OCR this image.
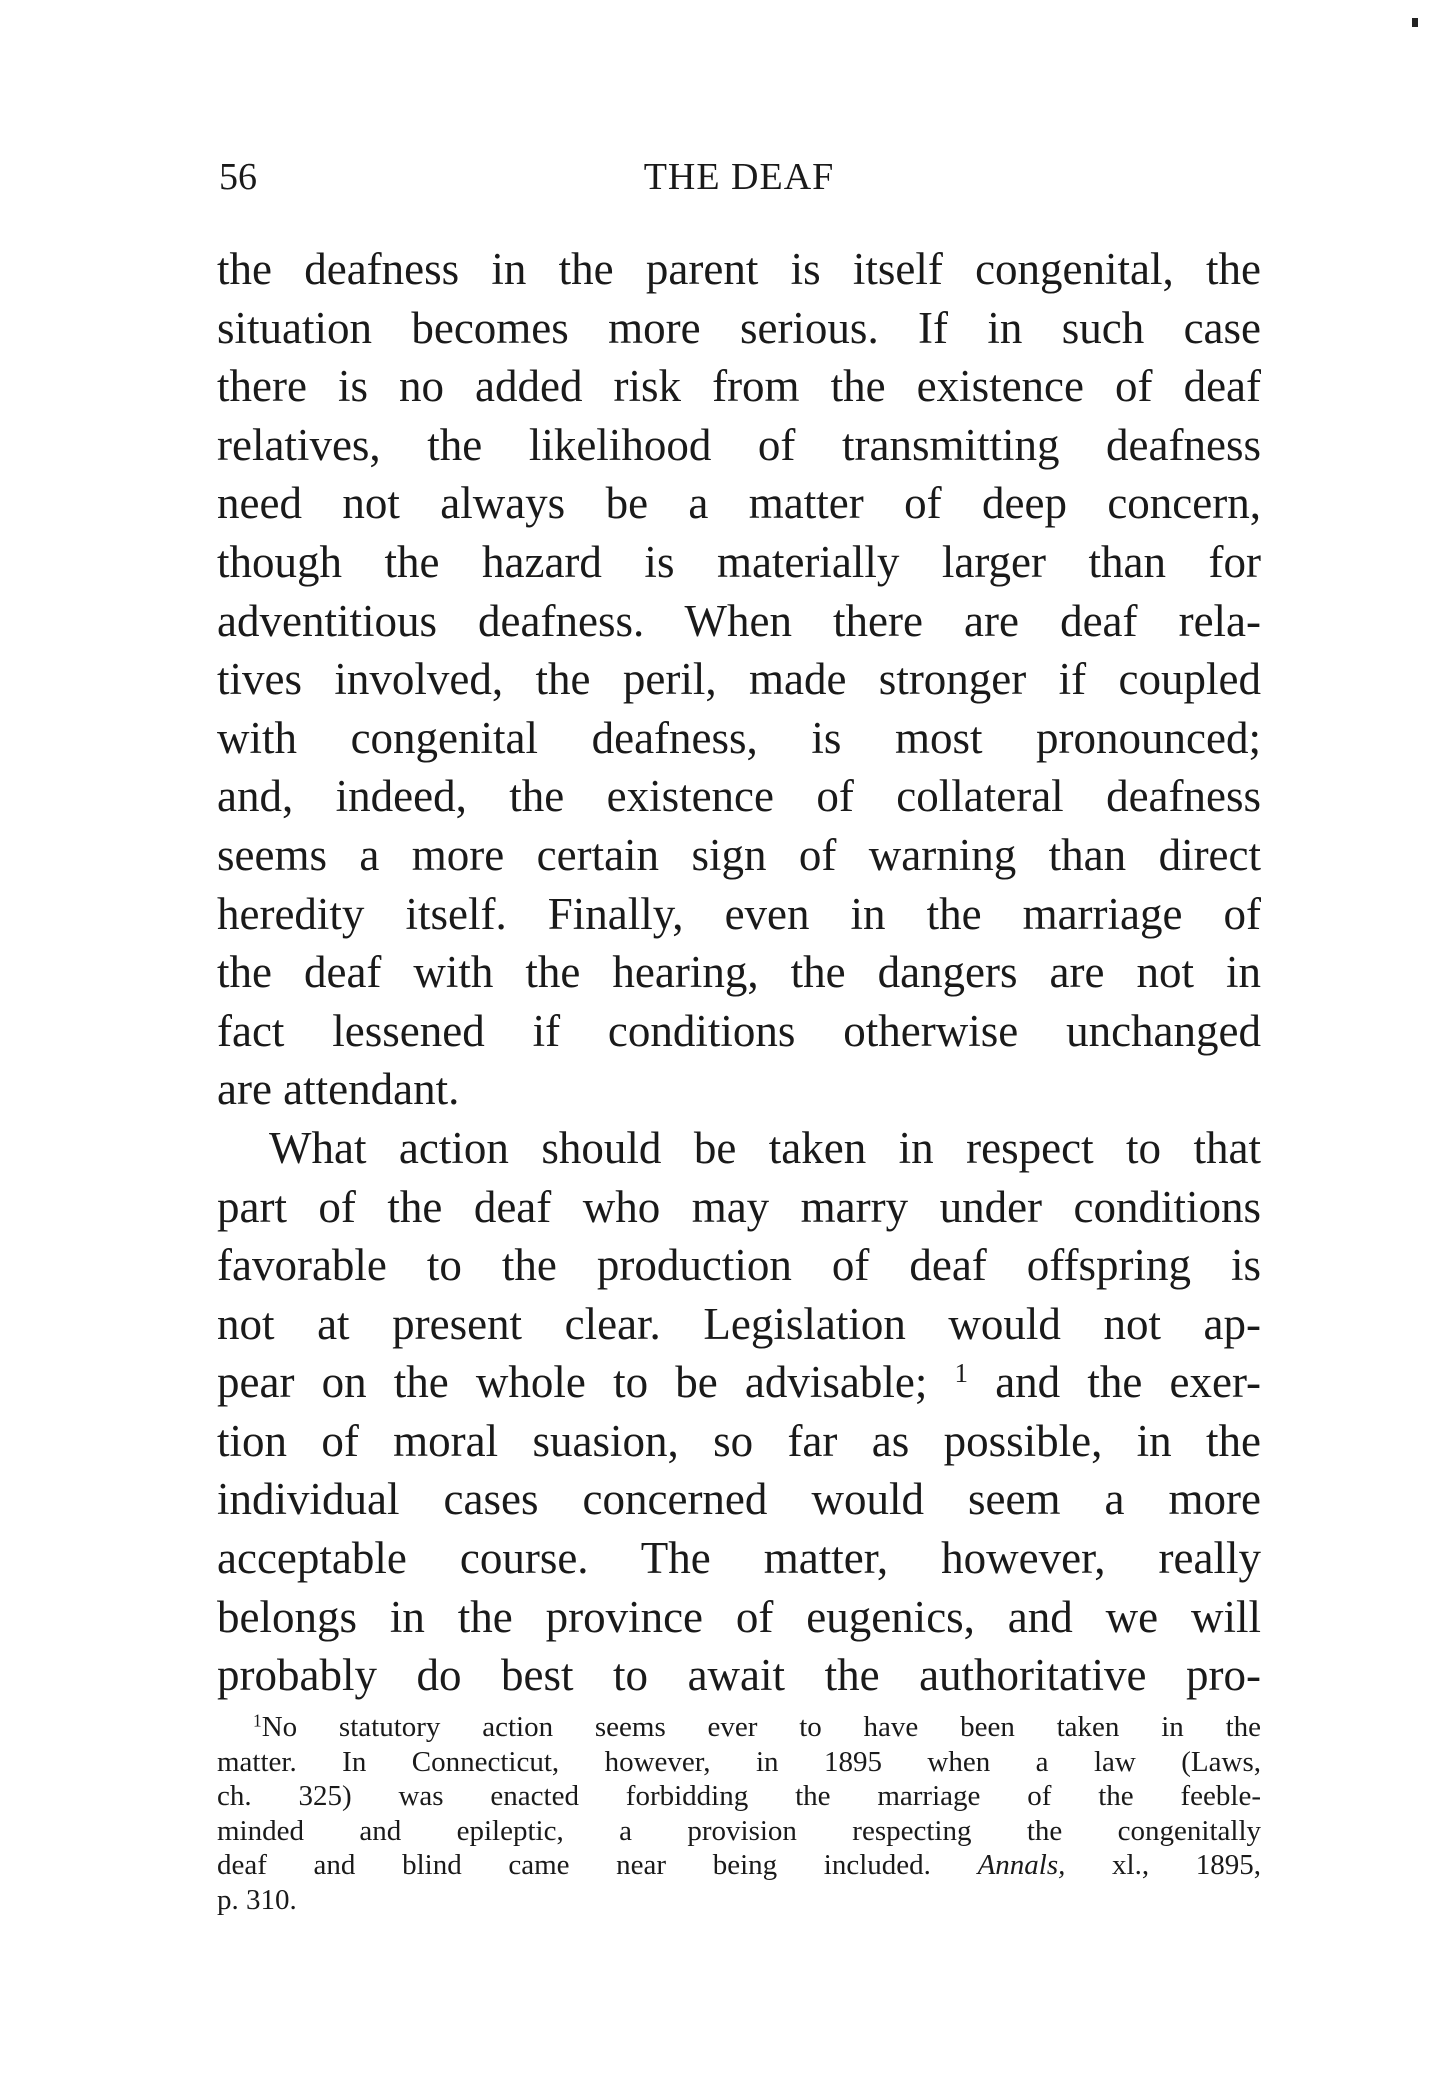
56	THE DEAF
the deafness in the parent is itself congenital, the
situation becomes more serious. If in such case
there is no added risk from the existence of deaf
relatives, the likelihood of transmitting deafness
need not always be a matter of deep concern,
though the hazard is materially larger than for
adventitious deafness. When there are deaf rela-
tives involved, the peril, made stronger if coupled
with congenital deafness, is most pronounced;
and, indeed, the existence of collateral deafness
seems a more certain sign of warning than direct
heredity itself. Finally, even in the marriage of
the deaf with the hearing, the dangers are not in
fact lessened if conditions otherwise unchanged
are attendant.
What action should be taken in respect to that
part of the deaf who may marry under conditions
favorable to the production of deaf offspring is
not at present clear. Legislation would not ap-
pear on the whole to be advisable; $^1$ and the exer-
tion of moral suasion, so far as possible, in the
individual cases concerned would seem a more
acceptable course. The matter, however, really
belongs in the province of eugenics, and we will
probably do best to await the authoritative pro-
$^1$No statutory action seems ever to have been taken in the
matter. In Connecticut, however, in 1895 when a law (Laws,
ch. 325) was enacted forbidding the marriage of the feeble-
minded and epileptic, a provision respecting the congenitally
deaf and blind came near being included. Annals, xl., 1895,
p. 310.
